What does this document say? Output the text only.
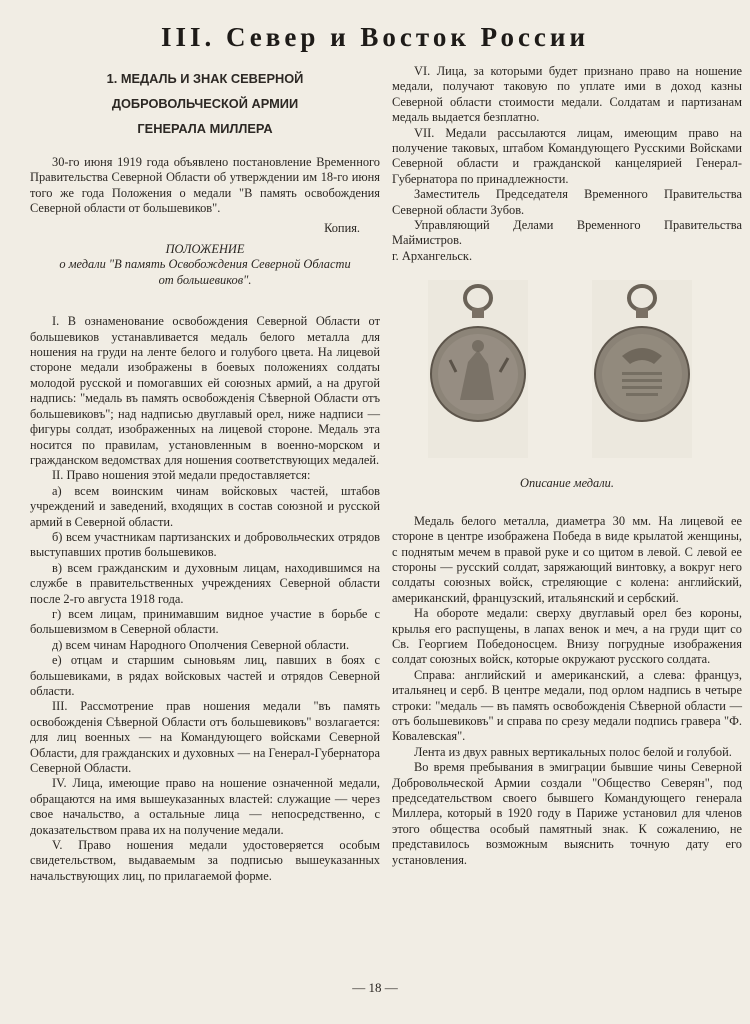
III. Север и Восток России
1. МЕДАЛЬ И ЗНАК СЕВЕРНОЙ
ДОБРОВОЛЬЧЕСКОЙ АРМИИ
ГЕНЕРАЛА МИЛЛЕРА

30-го июня 1919 года объявлено постановление Временного Правительства Северной Области об утверждении им 18-го июня того же года Положения о медали "В память освобождения Северной области от большевиков".

Копия.
ПОЛОЖЕНИЕ
о медали "В память Освобождения Северной Области
от большевиков".

I. В ознаменование освобождения Северной Области от большевиков устанавливается медаль белого металла для ношения на груди на ленте белого и голубого цвета. На лицевой стороне медали изображены в боевых положениях солдаты молодой русской и помогавших ей союзных армий, а на другой надпись: "медаль въ память освобожденія Сѣверной Области отъ большевиковъ"; над надписью двуглавый орел, ниже надписи — фигуры солдат, изображенных на лицевой стороне. Медаль эта носится по правилам, установленным в военно-морском и гражданском ведомствах для ношения соответствующих медалей.

II. Право ношения этой медали предоставляется:

а) всем воинским чинам войсковых частей, штабов учреждений и заведений, входящих в состав союзной и русской армий в Северной области.

б) всем участникам партизанских и добровольческих отрядов выступавших против большевиков.

в) всем гражданским и духовным лицам, находившимся на службе в правительственных учреждениях Северной области после 2-го августа 1918 года.

г) всем лицам, принимавшим видное участие в борьбе с большевизмом в Северной области.

д) всем чинам Народного Ополчения Северной области.

е) отцам и старшим сыновьям лиц, павших в боях с большевиками, в рядах войсковых частей и отрядов Северной области.

III. Рассмотрение прав ношения медали "въ память освобожденія Сѣверной Области отъ большевиковъ" возлагается: для лиц военных — на Командующего войсками Северной Области, для гражданских и духовных — на Генерал-Губернатора Северной Области.

IV. Лица, имеющие право на ношение означенной медали, обращаются на имя вышеуказанных властей: служащие — через свое начальство, а остальные лица — непосредственно, с доказательством права их на получение медали.

V. Право ношения медали удостоверяется особым свидетельством, выдаваемым за подписью вышеуказанных начальствующих лиц, по прилагаемой форме.

VI. Лица, за которыми будет признано право на ношение медали, получают таковую по уплате ими в доход казны Северной области стоимости медали. Солдатам и партизанам медаль выдается безплатно.

VII. Медали рассылаются лицам, имеющим право на получение таковых, штабом Командующего Русскими Войсками Северной области и гражданской канцелярией Генерал-Губернатора по принадлежности.

Заместитель Председателя Временного Правительства Северной области Зубов.

Управляющий Делами Временного Правительства Маймистров.

г. Архангельск.

Описание медали.

Медаль белого металла, диаметра 30 мм. На лицевой ее стороне в центре изображена Победа в виде крылатой женщины, с поднятым мечем в правой руке и со щитом в левой. С левой ее стороны — русский солдат, заряжающий винтовку, а вокруг него солдаты союзных войск, стреляющие с колена: английский, американский, французский, итальянский и сербский.

На обороте медали: сверху двуглавый орел без короны, крылья его распущены, в лапах венок и меч, а на груди щит со Св. Георгием Победоносцем. Внизу погрудные изображения солдат союзных войск, которые окружают русского солдата.

Справа: английский и американский, а слева: француз, итальянец и серб. В центре медали, под орлом надпись в четыре строки: "медаль — въ память освобожденія Сѣверной области — отъ большевиковъ" и справа по срезу медали подпись гравера "Ф. Ковалевская".

Лента из двух равных вертикальных полос белой и голубой.

Во время пребывания в эмиграции бывшие чины Северной Добровольческой Армии создали "Общество Северян", под председательством своего бывшего Командующего генерала Миллера, который в 1920 году в Париже установил для членов этого общества особый памятный знак. К сожалению, не представилось возможным выяснить точную дату его установления.

— 18 —
